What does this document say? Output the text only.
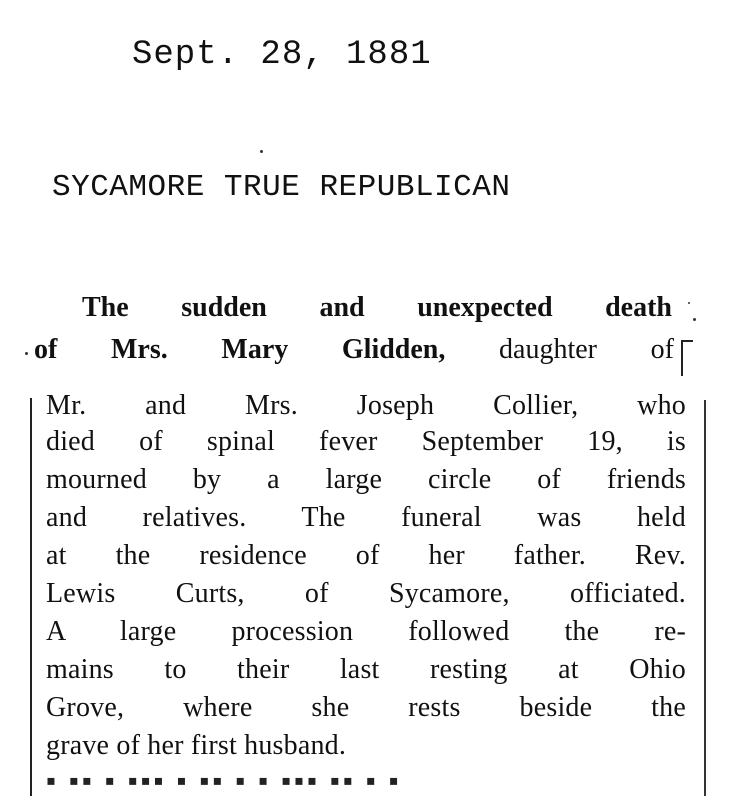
Sept. 28, 1881
SYCAMORE TRUE REPUBLICAN
The sudden and unexpected death
of Mrs. Mary Glidden, daughter of
Mr. and Mrs. Joseph Collier, who
died of spinal fever September 19, is
mourned by a large circle of friends
and relatives. The funeral was held
at the residence of her father. Rev.
Lewis Curts, of Sycamore, officiated.
A large procession followed the re-
mains to their last resting at Ohio
Grove, where she rests beside the
grave of her first husband.
▪ ▪▪ ▪ ▪▪▪ ▪ ▪▪ ▪ ▪ ▪▪▪ ▪▪ ▪ ▪
